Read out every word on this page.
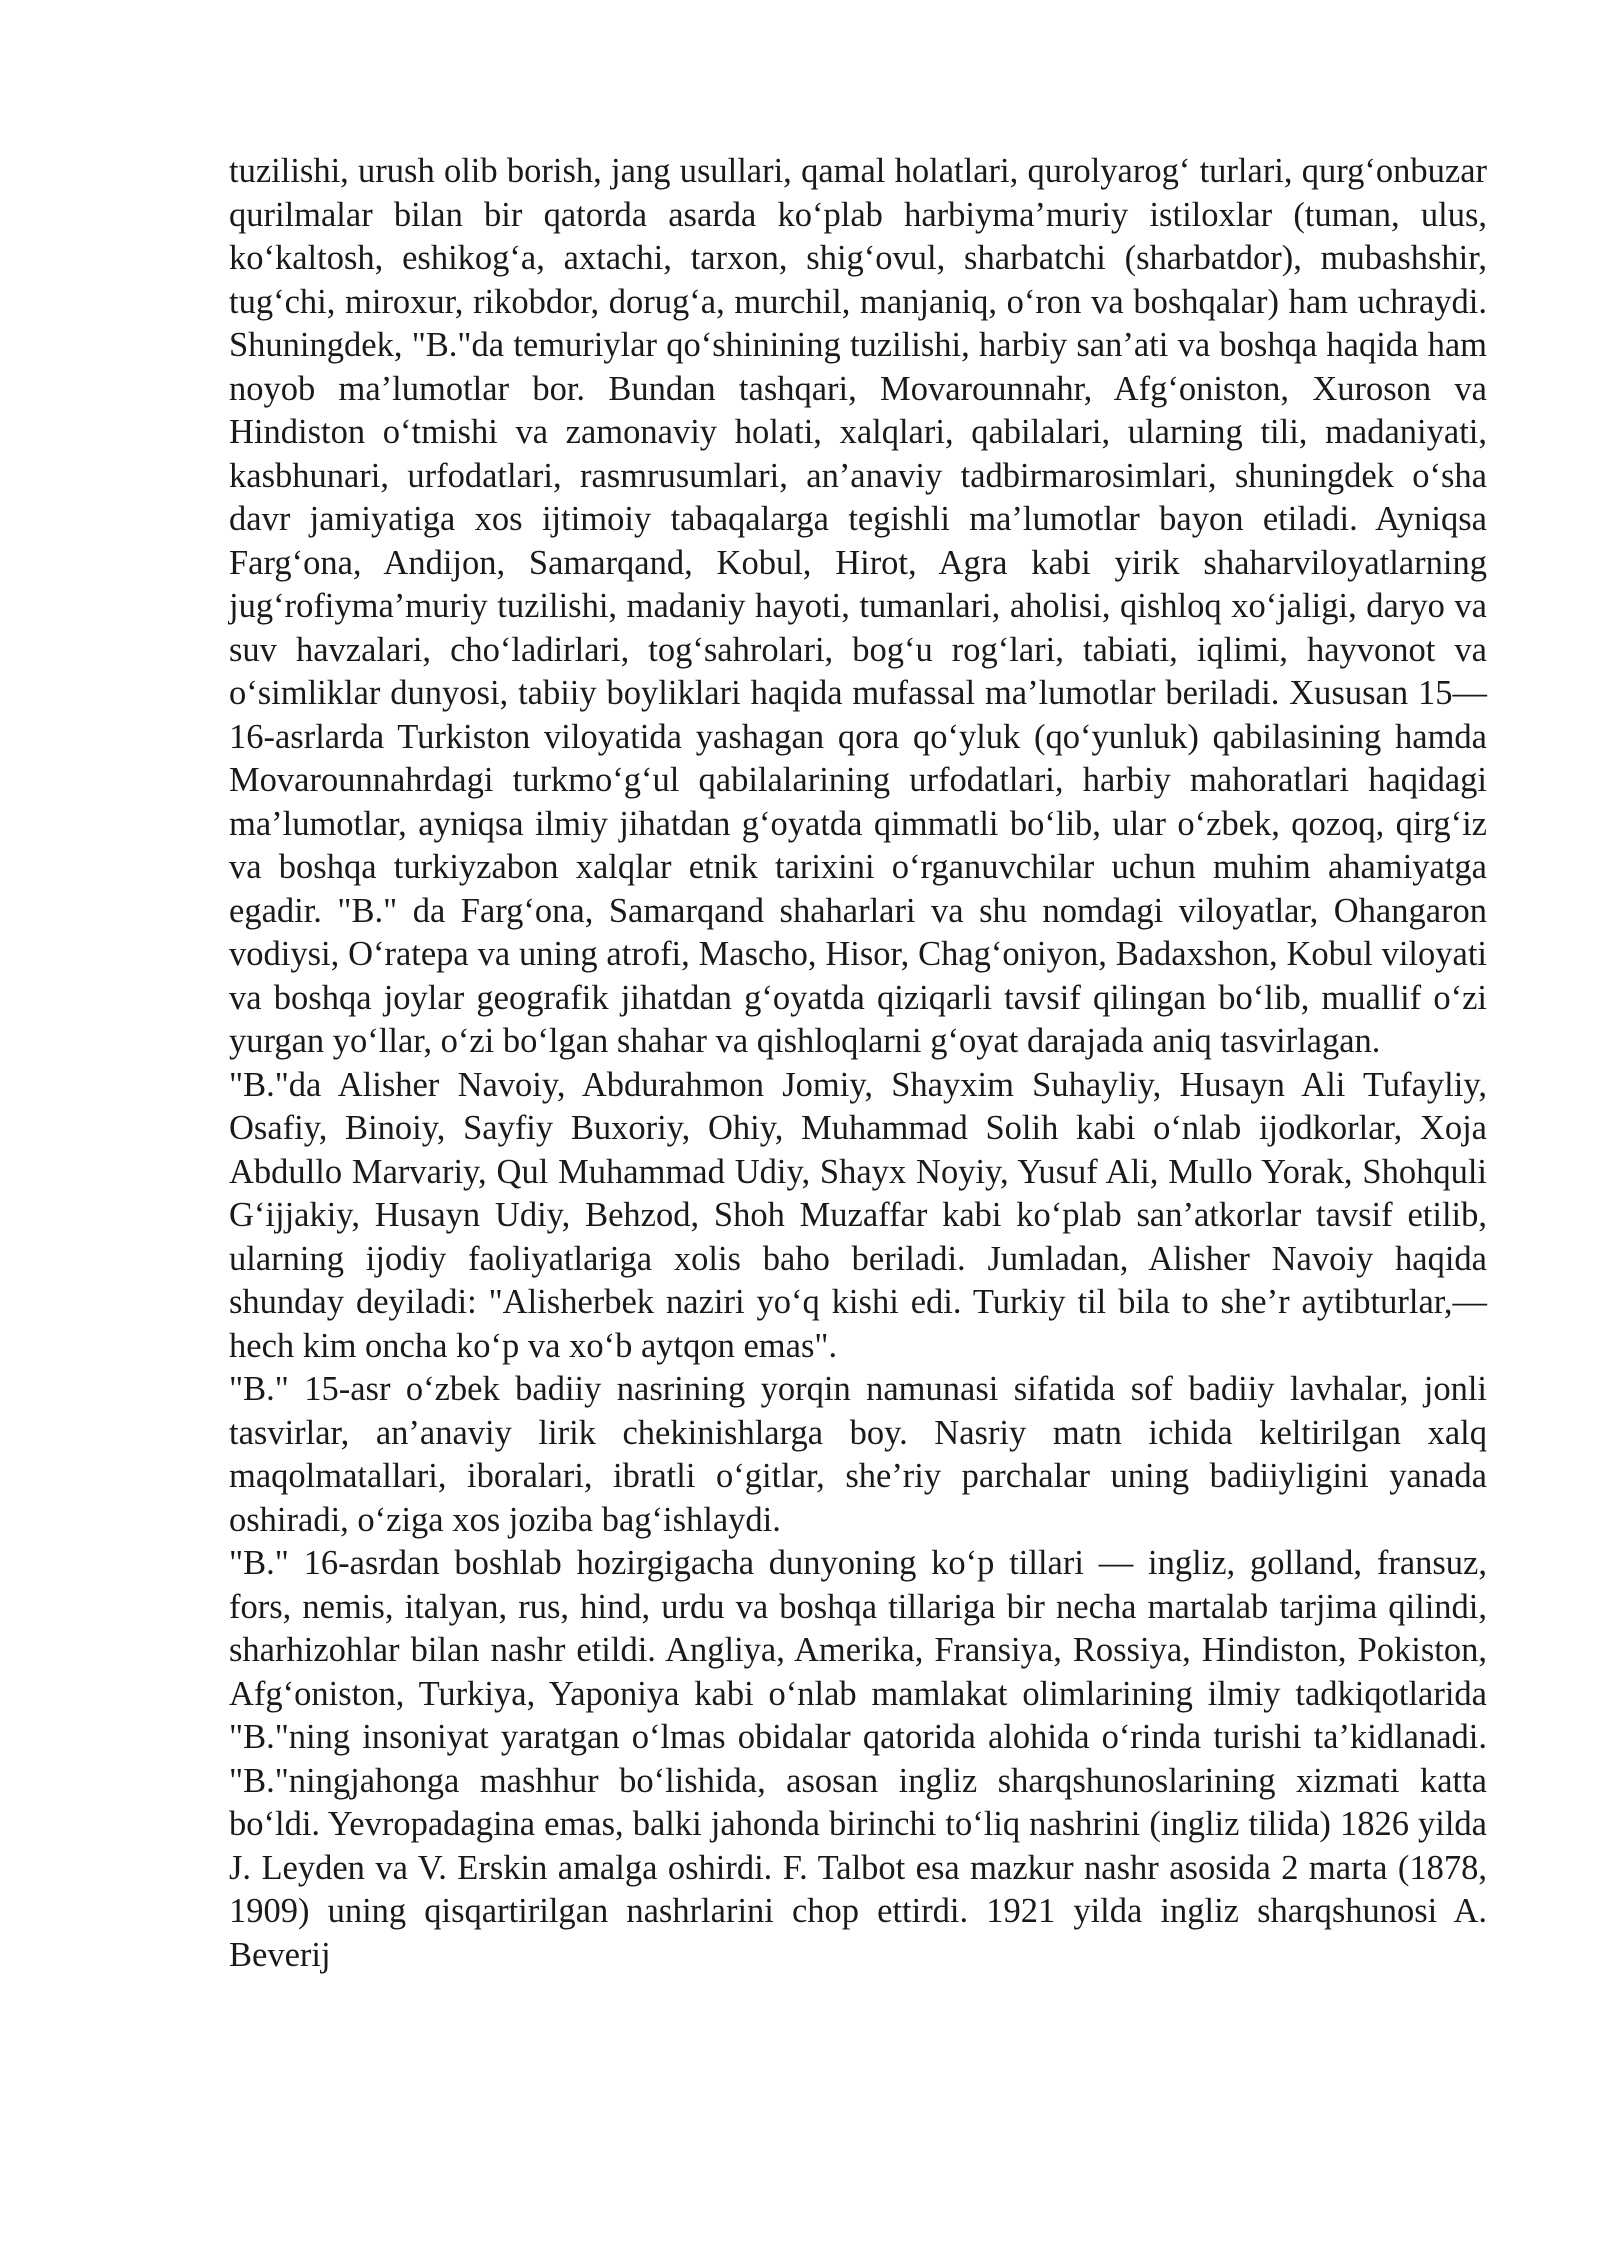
tuzilishi, urush olib borish, jang usullari, qamal holatlari, qurolyarog‘ turlari, qurg‘onbuzar qurilmalar bilan bir qatorda asarda ko‘plab harbiyma’muriy istiloxlar (tuman, ulus, ko‘kaltosh, eshikog‘a, axtachi, tarxon, shig‘ovul, sharbatchi (sharbatdor), mubashshir, tug‘chi, miroxur, rikobdor, dorug‘a, murchil, manjaniq, o‘ron va boshqalar) ham uchraydi. Shuningdek, "B."da temuriylar qo‘shinining tuzilishi, harbiy san’ati va boshqa haqida ham noyob ma’lumotlar bor. Bundan tashqari, Movarounnahr, Afg‘oniston, Xuroson va Hindiston o‘tmishi va zamonaviy holati, xalqlari, qabilalari, ularning tili, madaniyati, kasbhunari, urfodatlari, rasmrusumlari, an’anaviy tadbirmarosimlari, shuningdek o‘sha davr jamiyatiga xos ijtimoiy tabaqalarga tegishli ma’lumotlar bayon etiladi. Ayniqsa Farg‘ona, Andijon, Samarqand, Kobul, Hirot, Agra kabi yirik shaharviloyatlarning jug‘rofiyma’muriy tuzilishi, madaniy hayoti, tumanlari, aholisi, qishloq xo‘jaligi, daryo va suv havzalari, cho‘ladirlari, tog‘sahrolari, bog‘u rog‘lari, tabiati, iqlimi, hayvonot va o‘simliklar dunyosi, tabiiy boyliklari haqida mufassal ma’lumotlar beriladi. Xususan 15—16-asrlarda Turkiston viloyatida yashagan qora qo‘yluk (qo‘yunluk) qabilasining hamda Movarounnahrdagi turkmo‘g‘ul qabilalarining urfodatlari, harbiy mahoratlari haqidagi ma’lumotlar, ayniqsa ilmiy jihatdan g‘oyatda qimmatli bo‘lib, ular o‘zbek, qozoq, qirg‘iz va boshqa turkiyzabon xalqlar etnik tarixini o‘rganuvchilar uchun muhim ahamiyatga egadir. "B." da Farg‘ona, Samarqand shaharlari va shu nomdagi viloyatlar, Ohangaron vodiysi, O‘ratepa va uning atrofi, Mascho, Hisor, Chag‘oniyon, Badaxshon, Kobul viloyati va boshqa joylar geografik jihatdan g‘oyatda qiziqarli tavsif qilingan bo‘lib, muallif o‘zi yurgan yo‘llar, o‘zi bo‘lgan shahar va qishloqlarni g‘oyat darajada aniq tasvirlagan.

"B."da Alisher Navoiy, Abdurahmon Jomiy, Shayxim Suhayliy, Husayn Ali Tufayliy, Osafiy, Binoiy, Sayfiy Buxoriy, Ohiy, Muhammad Solih kabi o‘nlab ijodkorlar, Xoja Abdullo Marvariy, Qul Muhammad Udiy, Shayx Noyiy, Yusuf Ali, Mullo Yorak, Shohquli G‘ijjakiy, Husayn Udiy, Behzod, Shoh Muzaffar kabi ko‘plab san’atkorlar tavsif etilib, ularning ijodiy faoliyatlariga xolis baho beriladi. Jumladan, Alisher Navoiy haqida shunday deyiladi: "Alisherbek naziri yo‘q kishi edi. Turkiy til bila to she’r aytibturlar,— hech kim oncha ko‘p va xo‘b aytqon emas".

"B." 15-asr o‘zbek badiiy nasrining yorqin namunasi sifatida sof badiiy lavhalar, jonli tasvirlar, an’anaviy lirik chekinishlarga boy. Nasriy matn ichida keltirilgan xalq maqolmatallari, iboralari, ibratli o‘gitlar, she’riy parchalar uning badiiyligini yanada oshiradi, o‘ziga xos joziba bag‘ishlaydi.

"B." 16-asrdan boshlab hozirgigacha dunyoning ko‘p tillari — ingliz, golland, fransuz, fors, nemis, italyan, rus, hind, urdu va boshqa tillariga bir necha martalab tarjima qilindi, sharhizohlar bilan nashr etildi. Angliya, Amerika, Fransiya, Rossiya, Hindiston, Pokiston, Afg‘oniston, Turkiya, Yaponiya kabi o‘nlab mamlakat olimlarining ilmiy tadkiqotlarida "B."ning insoniyat yaratgan o‘lmas obidalar qatorida alohida o‘rinda turishi ta’kidlanadi. "B."ningjahonga mashhur bo‘lishida, asosan ingliz sharqshunoslarining xizmati katta bo‘ldi. Yevropadagina emas, balki jahonda birinchi to‘liq nashrini (ingliz tilida) 1826 yilda J. Leyden va V. Erskin amalga oshirdi. F. Talbot esa mazkur nashr asosida 2 marta (1878, 1909) uning qisqartirilgan nashrlarini chop ettirdi. 1921 yilda ingliz sharqshunosi A. Beverij
